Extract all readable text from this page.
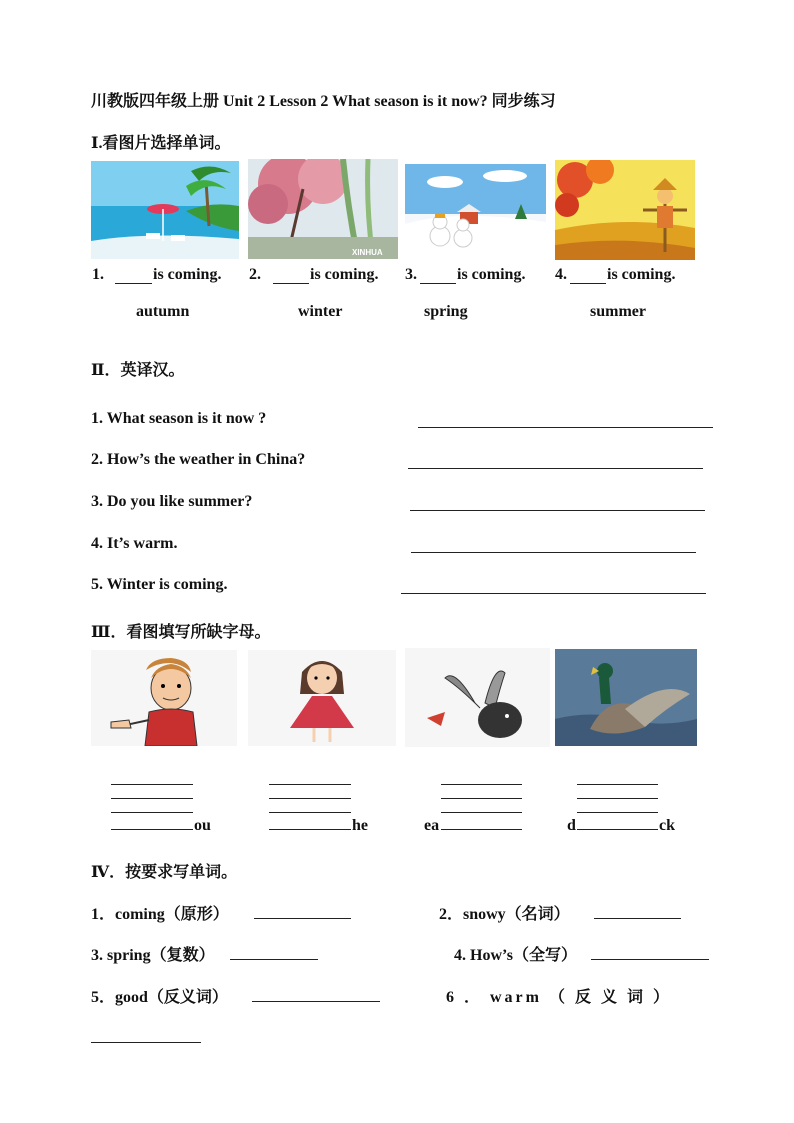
川教版四年级上册 Unit 2 Lesson 2 What season is it now? 同步练习
Ⅰ.看图片选择单词。
XINHUA
1.	is coming. 2.	is coming. 3.	is coming. 4.	is coming.
autumn	winter	spring	summer
Ⅱ．英译汉。
1. What season is it now ?
2. How’s the weather in China?
3. Do you like summer?
4. It’s warm.
5. Winter is coming.
Ⅲ．看图填写所缺字母。
ou	he	ea	d	ck
Ⅳ．按要求写单词。
1．coming（原形）	2．snowy（名词）
3. spring（复数）	4. How’s（全写）
5．good（反义词）	6 ． warm （ 反 义 词 ）
